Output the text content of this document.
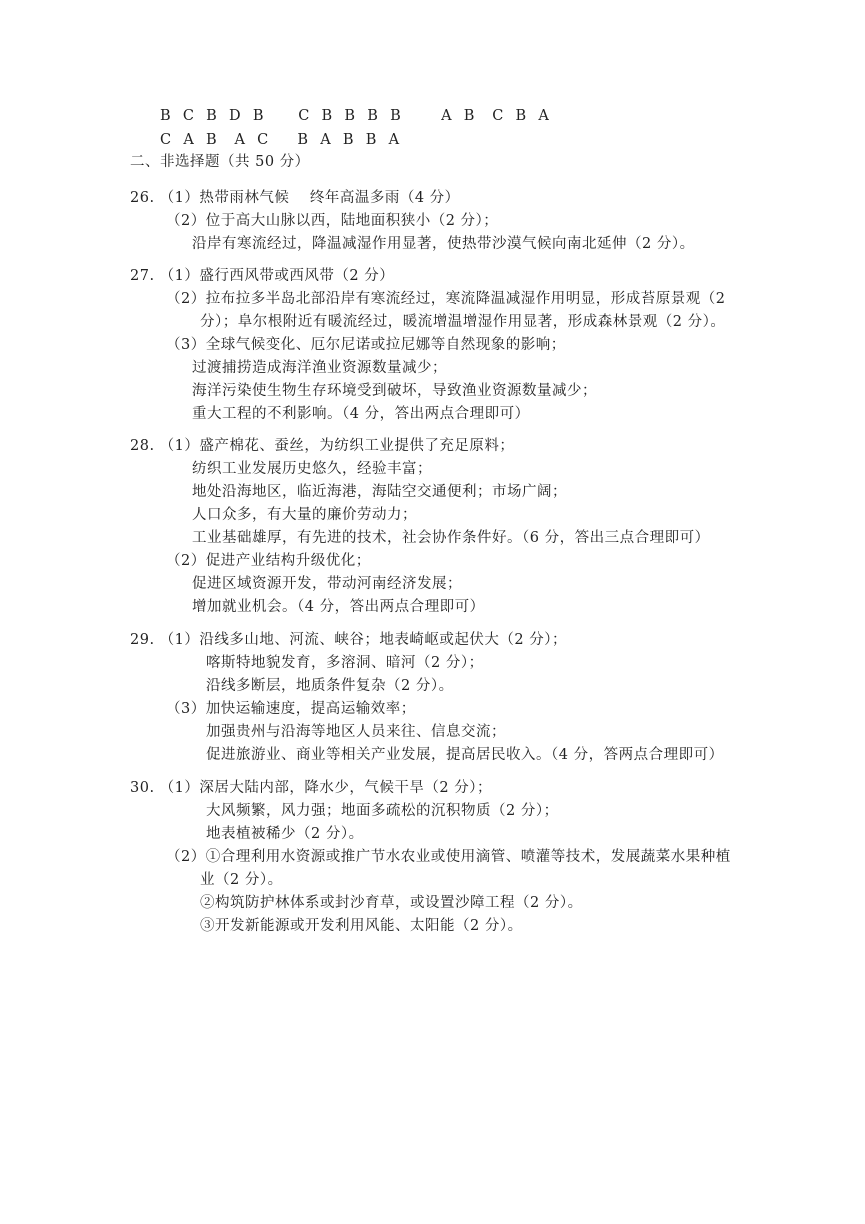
B  C  B  D  B      C  B  B  B  B       A  B   C  B  A
C  A  B   A  C     B  A  B  B  A
二、非选择题（共 50 分）
26. （1）热带雨林气候    终年高温多雨（4 分）
（2）位于高大山脉以西，陆地面积狭小（2 分）；
沿岸有寒流经过，降温减湿作用显著，使热带沙漠气候向南北延伸（2 分）。
27. （1）盛行西风带或西风带（2 分）
（2）拉布拉多半岛北部沿岸有寒流经过，寒流降温减湿作用明显，形成苔原景观（2
分）；阜尔根附近有暖流经过，暖流增温增湿作用显著，形成森林景观（2 分）。
（3）全球气候变化、厄尔尼诺或拉尼娜等自然现象的影响；
过渡捕捞造成海洋渔业资源数量减少；
海洋污染使生物生存环境受到破坏，导致渔业资源数量减少；
重大工程的不利影响。（4 分，答出两点合理即可）
28. （1）盛产棉花、蚕丝，为纺织工业提供了充足原料；
纺织工业发展历史悠久，经验丰富；
地处沿海地区，临近海港，海陆空交通便利；市场广阔；
人口众多，有大量的廉价劳动力；
工业基础雄厚，有先进的技术，社会协作条件好。（6 分，答出三点合理即可）
（2）促进产业结构升级优化；
促进区域资源开发，带动河南经济发展；
增加就业机会。（4 分，答出两点合理即可）
29. （1）沿线多山地、河流、峡谷；地表崎岖或起伏大（2 分）；
喀斯特地貌发育，多溶洞、暗河（2 分）；
沿线多断层，地质条件复杂（2 分）。
（3）加快运输速度，提高运输效率；
加强贵州与沿海等地区人员来往、信息交流；
促进旅游业、商业等相关产业发展，提高居民收入。（4 分，答两点合理即可）
30. （1）深居大陆内部，降水少，气候干旱（2 分）；
大风频繁，风力强；地面多疏松的沉积物质（2 分）；
地表植被稀少（2 分）。
（2）①合理利用水资源或推广节水农业或使用滴管、喷灌等技术，发展蔬菜水果种植
业（2 分）。
②构筑防护林体系或封沙育草，或设置沙障工程（2 分）。
③开发新能源或开发利用风能、太阳能（2 分）。
